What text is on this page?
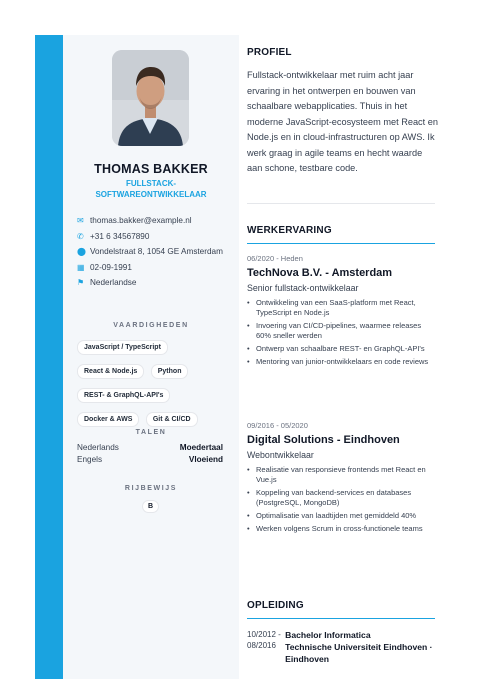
THOMAS BAKKER
FULLSTACK-SOFTWAREONTWIKKELAAR
✉ thomas.bakker@example.nl
✆ +31 6 34567890
⬤ Vondelstraat 8, 1054 GE Amsterdam
▦ 02-09-1991
⚑ Nederlandse
VAARDIGHEDEN
JavaScript / TypeScript
React & Node.js	Python
REST- & GraphQL-API's
Docker & AWS	Git & CI/CD
TALEN
Nederlands	Moedertaal
Engels	Vloeiend
RIJBEWIJS
B
PROFIEL
Fullstack-ontwikkelaar met ruim acht jaar ervaring in het ontwerpen en bouwen van schaalbare webapplicaties. Thuis in het moderne JavaScript-ecosysteem met React en Node.js en in cloud-infrastructuren op AWS. Ik werk graag in agile teams en hecht waarde aan schone, testbare code.
WERKERVARING
06/2020 - Heden
TechNova B.V. - Amsterdam
Senior fullstack-ontwikkelaar
• Ontwikkeling van een SaaS-platform met React, TypeScript en Node.js
• Invoering van CI/CD-pipelines, waarmee releases 60% sneller werden
• Ontwerp van schaalbare REST- en GraphQL-API's
• Mentoring van junior-ontwikkelaars en code reviews
09/2016 - 05/2020
Digital Solutions - Eindhoven
Webontwikkelaar
• Realisatie van responsieve frontends met React en Vue.js
• Koppeling van backend-services en databases (PostgreSQL, MongoDB)
• Optimalisatie van laadtijden met gemiddeld 40%
• Werken volgens Scrum in cross-functionele teams
OPLEIDING
10/2012 - 08/2016
Bachelor Informatica
Technische Universiteit Eindhoven · Eindhoven
